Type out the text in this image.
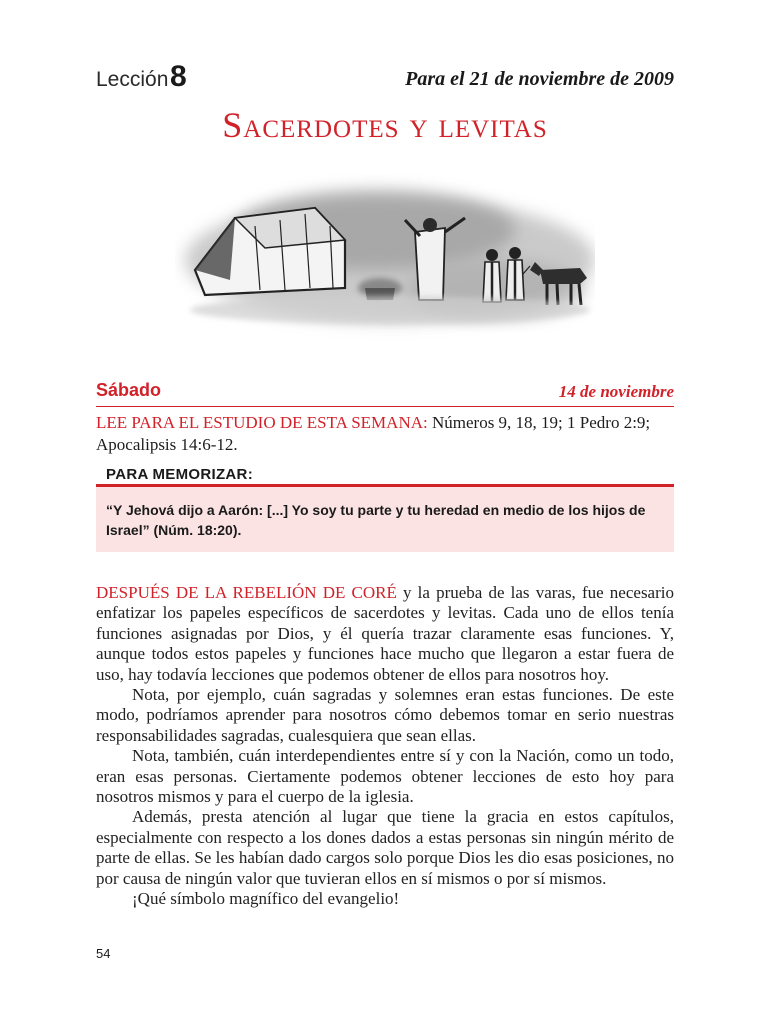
Lección 8	Para el 21 de noviembre de 2009
Sacerdotes y levitas
Sábado	14 de noviembre

LEE PARA EL ESTUDIO DE ESTA SEMANA: Números 9, 18, 19; 1 Pedro 2:9; Apocalipsis 14:6-12.

PARA MEMORIZAR:

“Y Jehová dijo a Aarón: [...] Yo soy tu parte y tu heredad en medio de los hijos de Israel” (Núm. 18:20).

DESPUÉS DE LA REBELIÓN DE CORÉ y la prueba de las varas, fue necesario enfatizar los papeles específicos de sacerdotes y levitas. Cada uno de ellos tenía funciones asignadas por Dios, y él quería trazar claramente esas funciones. Y, aunque todos estos papeles y funciones hace mucho que llegaron a estar fuera de uso, hay todavía lecciones que podemos obtener de ellos para nosotros hoy.

Nota, por ejemplo, cuán sagradas y solemnes eran estas funciones. De este modo, podríamos aprender para nosotros cómo debemos tomar en serio nuestras responsabilidades sagradas, cualesquiera que sean ellas.

Nota, también, cuán interdependientes entre sí y con la Nación, como un todo, eran esas personas. Ciertamente podemos obtener lecciones de esto hoy para nosotros mismos y para el cuerpo de la iglesia.

Además, presta atención al lugar que tiene la gracia en estos capítulos, especialmente con respecto a los dones dados a estas personas sin ningún mérito de parte de ellas. Se les habían dado cargos solo porque Dios les dio esas posiciones, no por causa de ningún valor que tuvieran ellos en sí mismos o por sí mismos.

¡Qué símbolo magnífico del evangelio!

54
